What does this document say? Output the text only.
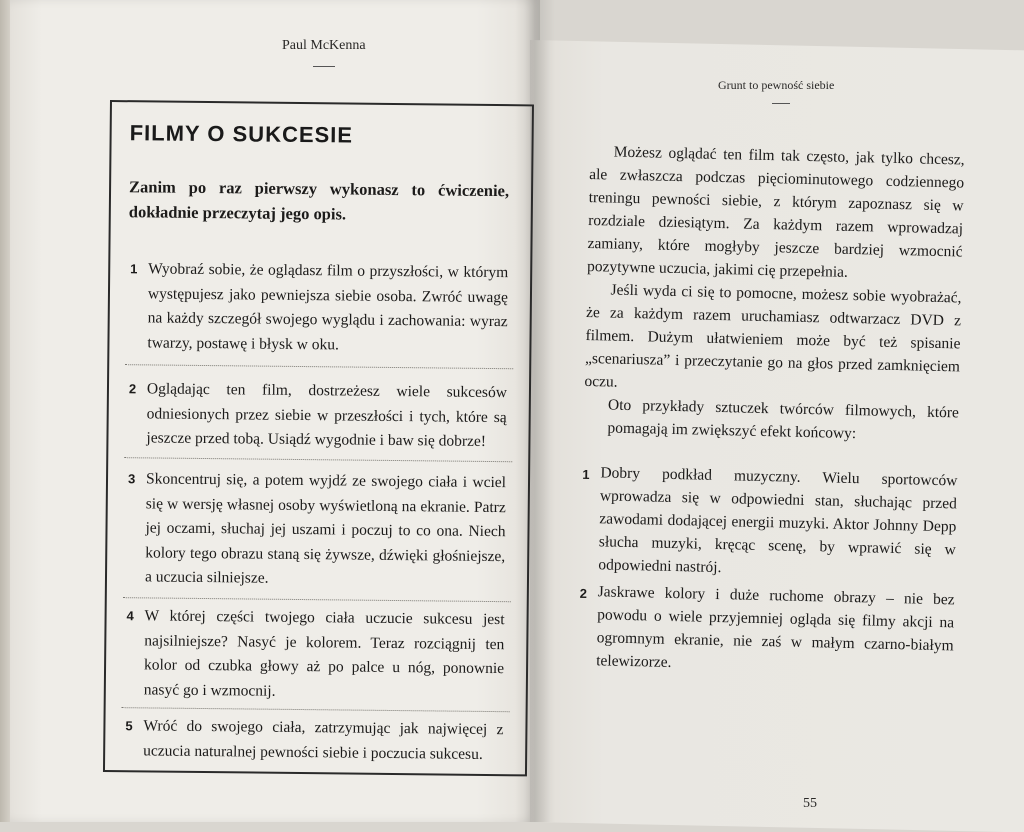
Paul McKenna
FILMY O SUKCESIE
Zanim po raz pierwszy wykonasz to ćwiczenie, dokładnie przeczytaj jego opis.
1 Wyobraź sobie, że oglądasz film o przyszłości, w którym występujesz jako pewniejsza siebie osoba. Zwróć uwagę na każdy szczegół swojego wyglądu i zachowania: wyraz twarzy, postawę i błysk w oku.
2 Oglądając ten film, dostrzeżesz wiele sukcesów odniesionych przez siebie w przeszłości i tych, które są jeszcze przed tobą. Usiądź wygodnie i baw się dobrze!
3 Skoncentruj się, a potem wyjdź ze swojego ciała i wciel się w wersję własnej osoby wyświetloną na ekranie. Patrz jej oczami, słuchaj jej uszami i poczuj to co ona. Niech kolory tego obrazu staną się żywsze, dźwięki głośniejsze, a uczucia silniejsze.
4 W której części twojego ciała uczucie sukcesu jest najsilniejsze? Nasyć je kolorem. Teraz rozciągnij ten kolor od czubka głowy aż po palce u nóg, ponownie nasyć go i wzmocnij.
5 Wróć do swojego ciała, zatrzymując jak najwięcej z uczucia naturalnej pewności siebie i poczucia sukcesu.
Grunt to pewność siebie

Możesz oglądać ten film tak często, jak tylko chcesz, ale zwłaszcza podczas pięciominutowego codziennego treningu pewności siebie, z którym zapoznasz się w rozdziale dziesiątym. Za każdym razem wprowadzaj zamiany, które mogłyby jeszcze bardziej wzmocnić pozytywne uczucia, jakimi cię przepełnia.

Jeśli wyda ci się to pomocne, możesz sobie wyobrażać, że za każdym razem uruchamiasz odtwarzacz DVD z filmem. Dużym ułatwieniem może być też spisanie „scenariusza” i przeczytanie go na głos przed zamknięciem oczu.

Oto przykłady sztuczek twórców filmowych, które pomagają im zwiększyć efekt końcowy:

1 Dobry podkład muzyczny. Wielu sportowców wprowadza się w odpowiedni stan, słuchając przed zawodami dodającej energii muzyki. Aktor Johnny Depp słucha muzyki, kręcąc scenę, by wprawić się w odpowiedni nastrój.
2 Jaskrawe kolory i duże ruchome obrazy – nie bez powodu o wiele przyjemniej ogląda się filmy akcji na ogromnym ekranie, nie zaś w małym czarno-białym telewizorze.
55
